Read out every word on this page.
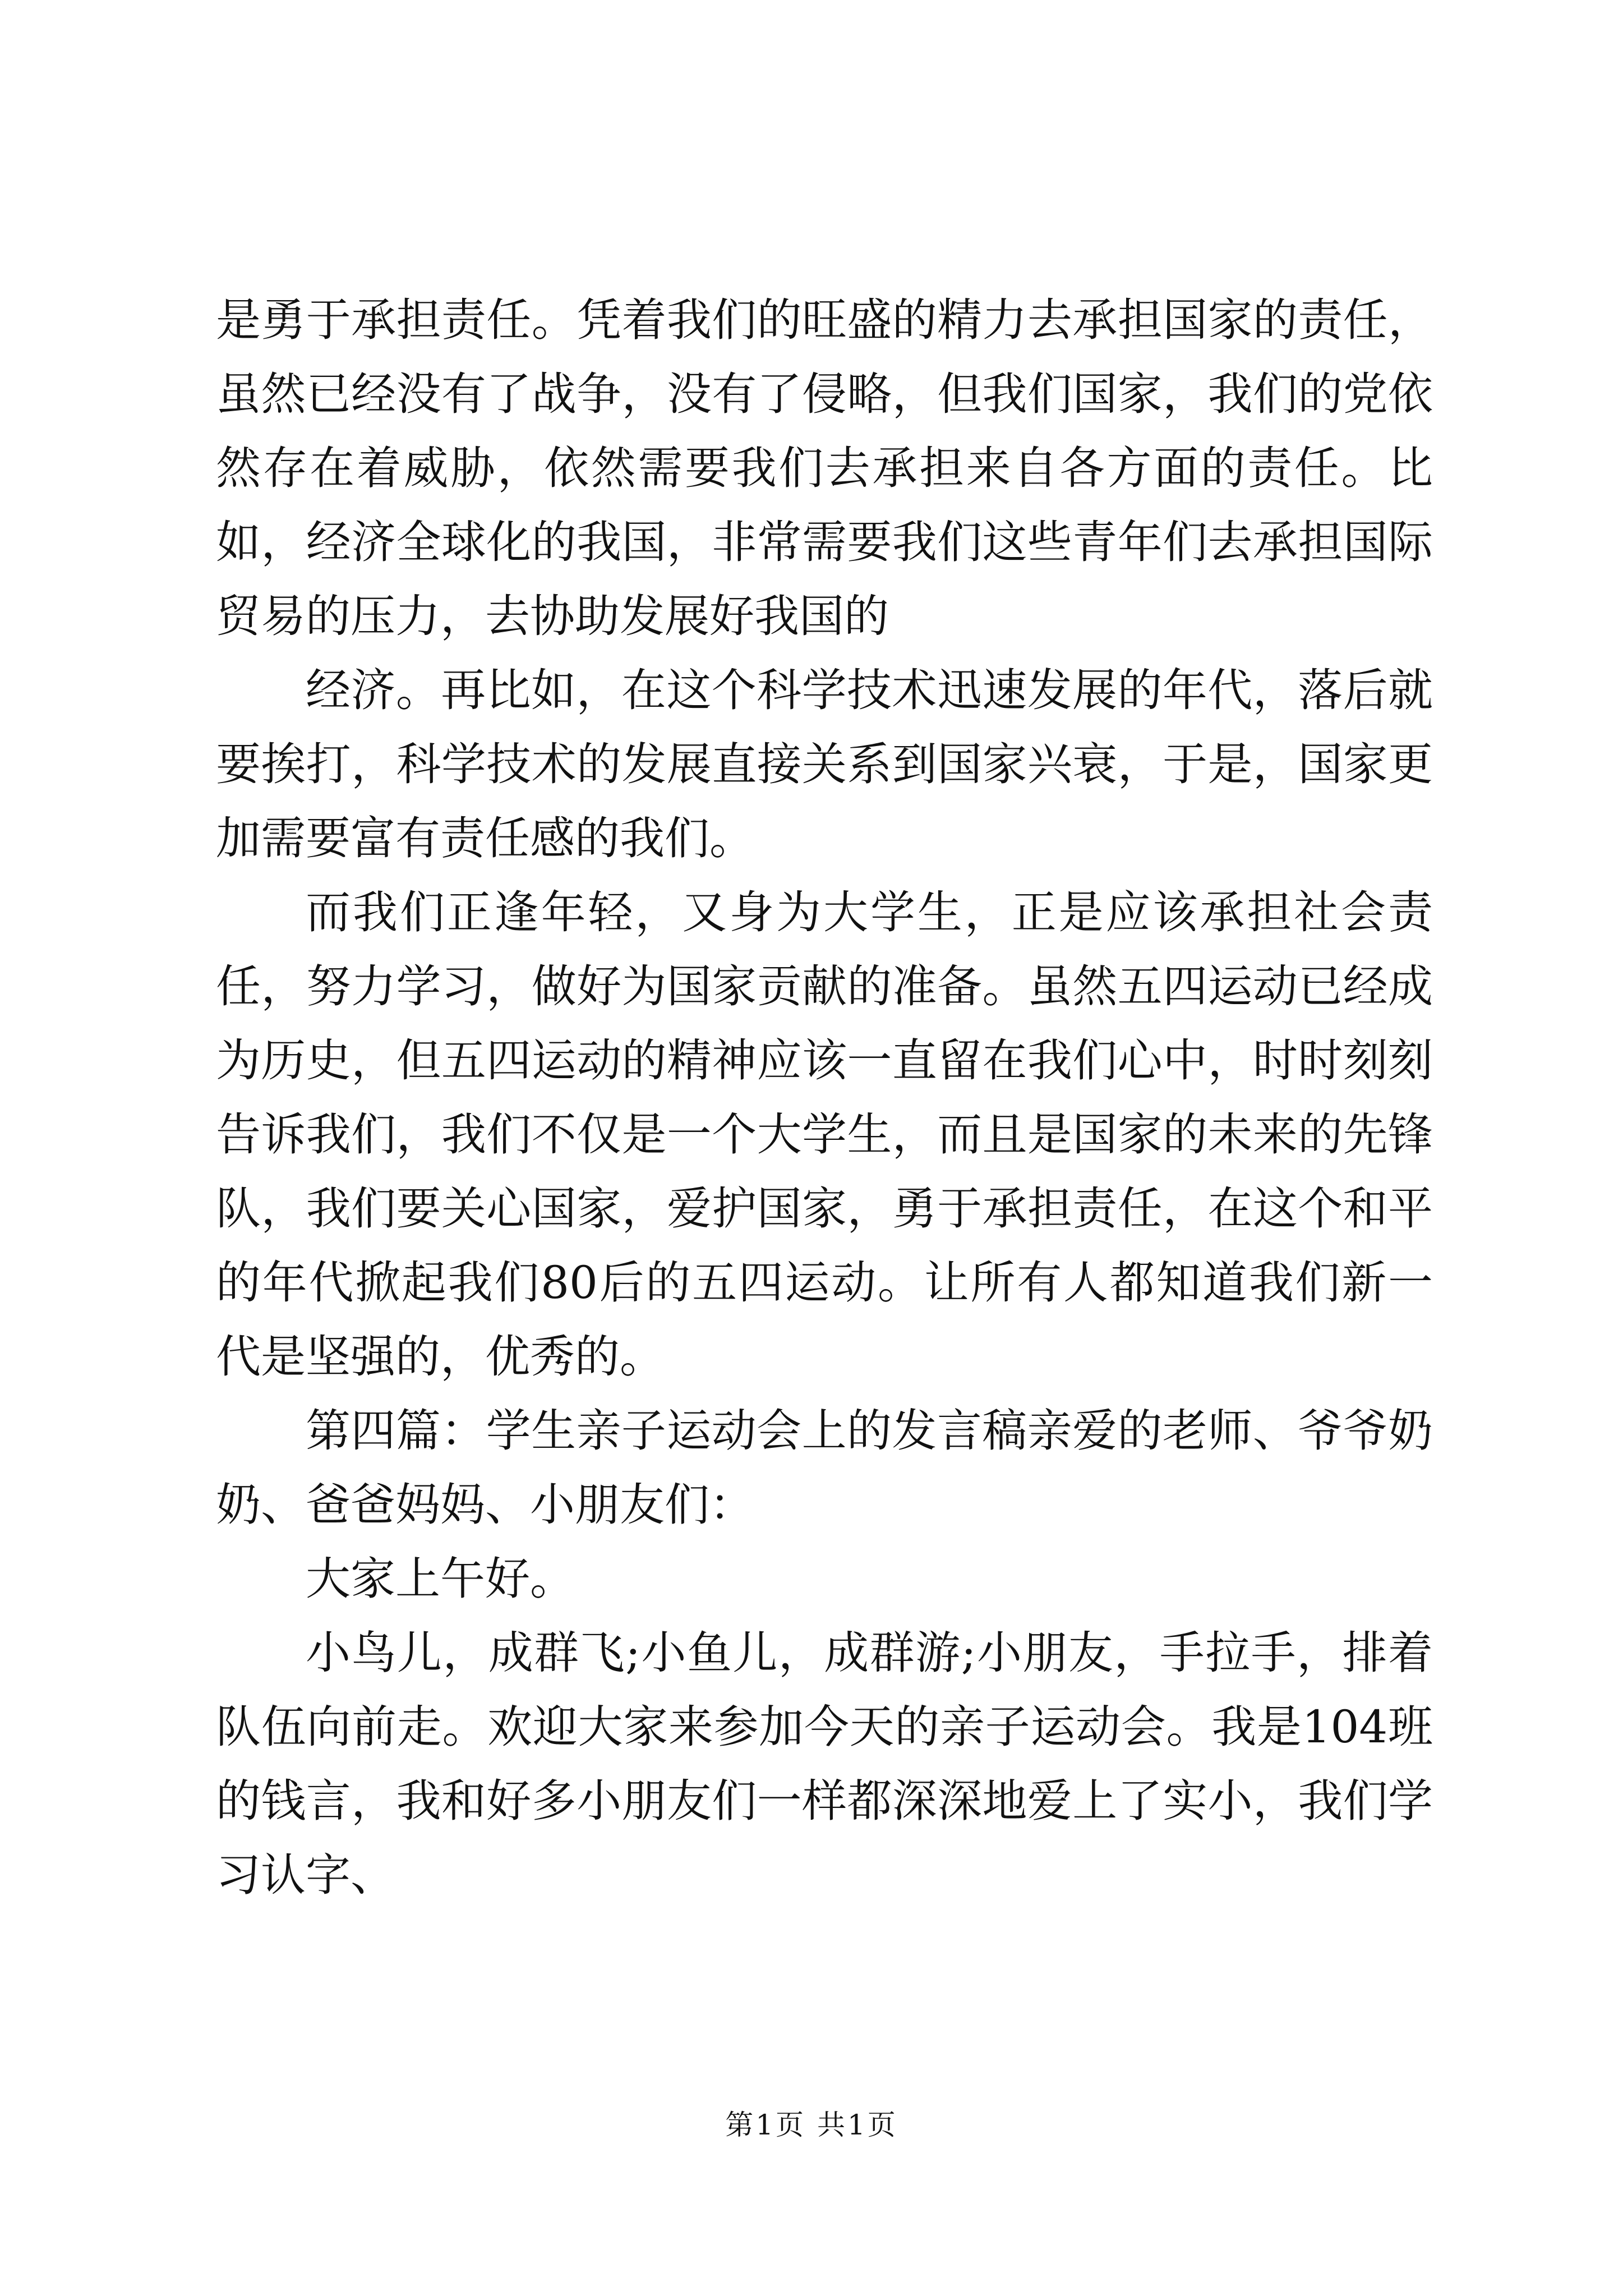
是勇于承担责任。凭着我们的旺盛的精力去承担国家的责任，虽然已经没有了战争，没有了侵略，但我们国家，我们的党依然存在着威胁，依然需要我们去承担来自各方面的责任。比如，经济全球化的我国，非常需要我们这些青年们去承担国际贸易的压力，去协助发展好我国的

经济。再比如，在这个科学技术迅速发展的年代，落后就要挨打，科学技术的发展直接关系到国家兴衰，于是，国家更加需要富有责任感的我们。

而我们正逢年轻，又身为大学生，正是应该承担社会责任，努力学习，做好为国家贡献的准备。虽然五四运动已经成为历史，但五四运动的精神应该一直留在我们心中，时时刻刻告诉我们，我们不仅是一个大学生，而且是国家的未来的先锋队，我们要关心国家，爱护国家，勇于承担责任，在这个和平的年代掀起我们80后的五四运动。让所有人都知道我们新一代是坚强的，优秀的。

第四篇：学生亲子运动会上的发言稿亲爱的老师、爷爷奶奶、爸爸妈妈、小朋友们：

大家上午好。

小鸟儿，成群飞;小鱼儿，成群游;小朋友，手拉手，排着队伍向前走。欢迎大家来参加今天的亲子运动会。我是104班的钱言，我和好多小朋友们一样都深深地爱上了实小，我们学习认字、

第1页 共1页
